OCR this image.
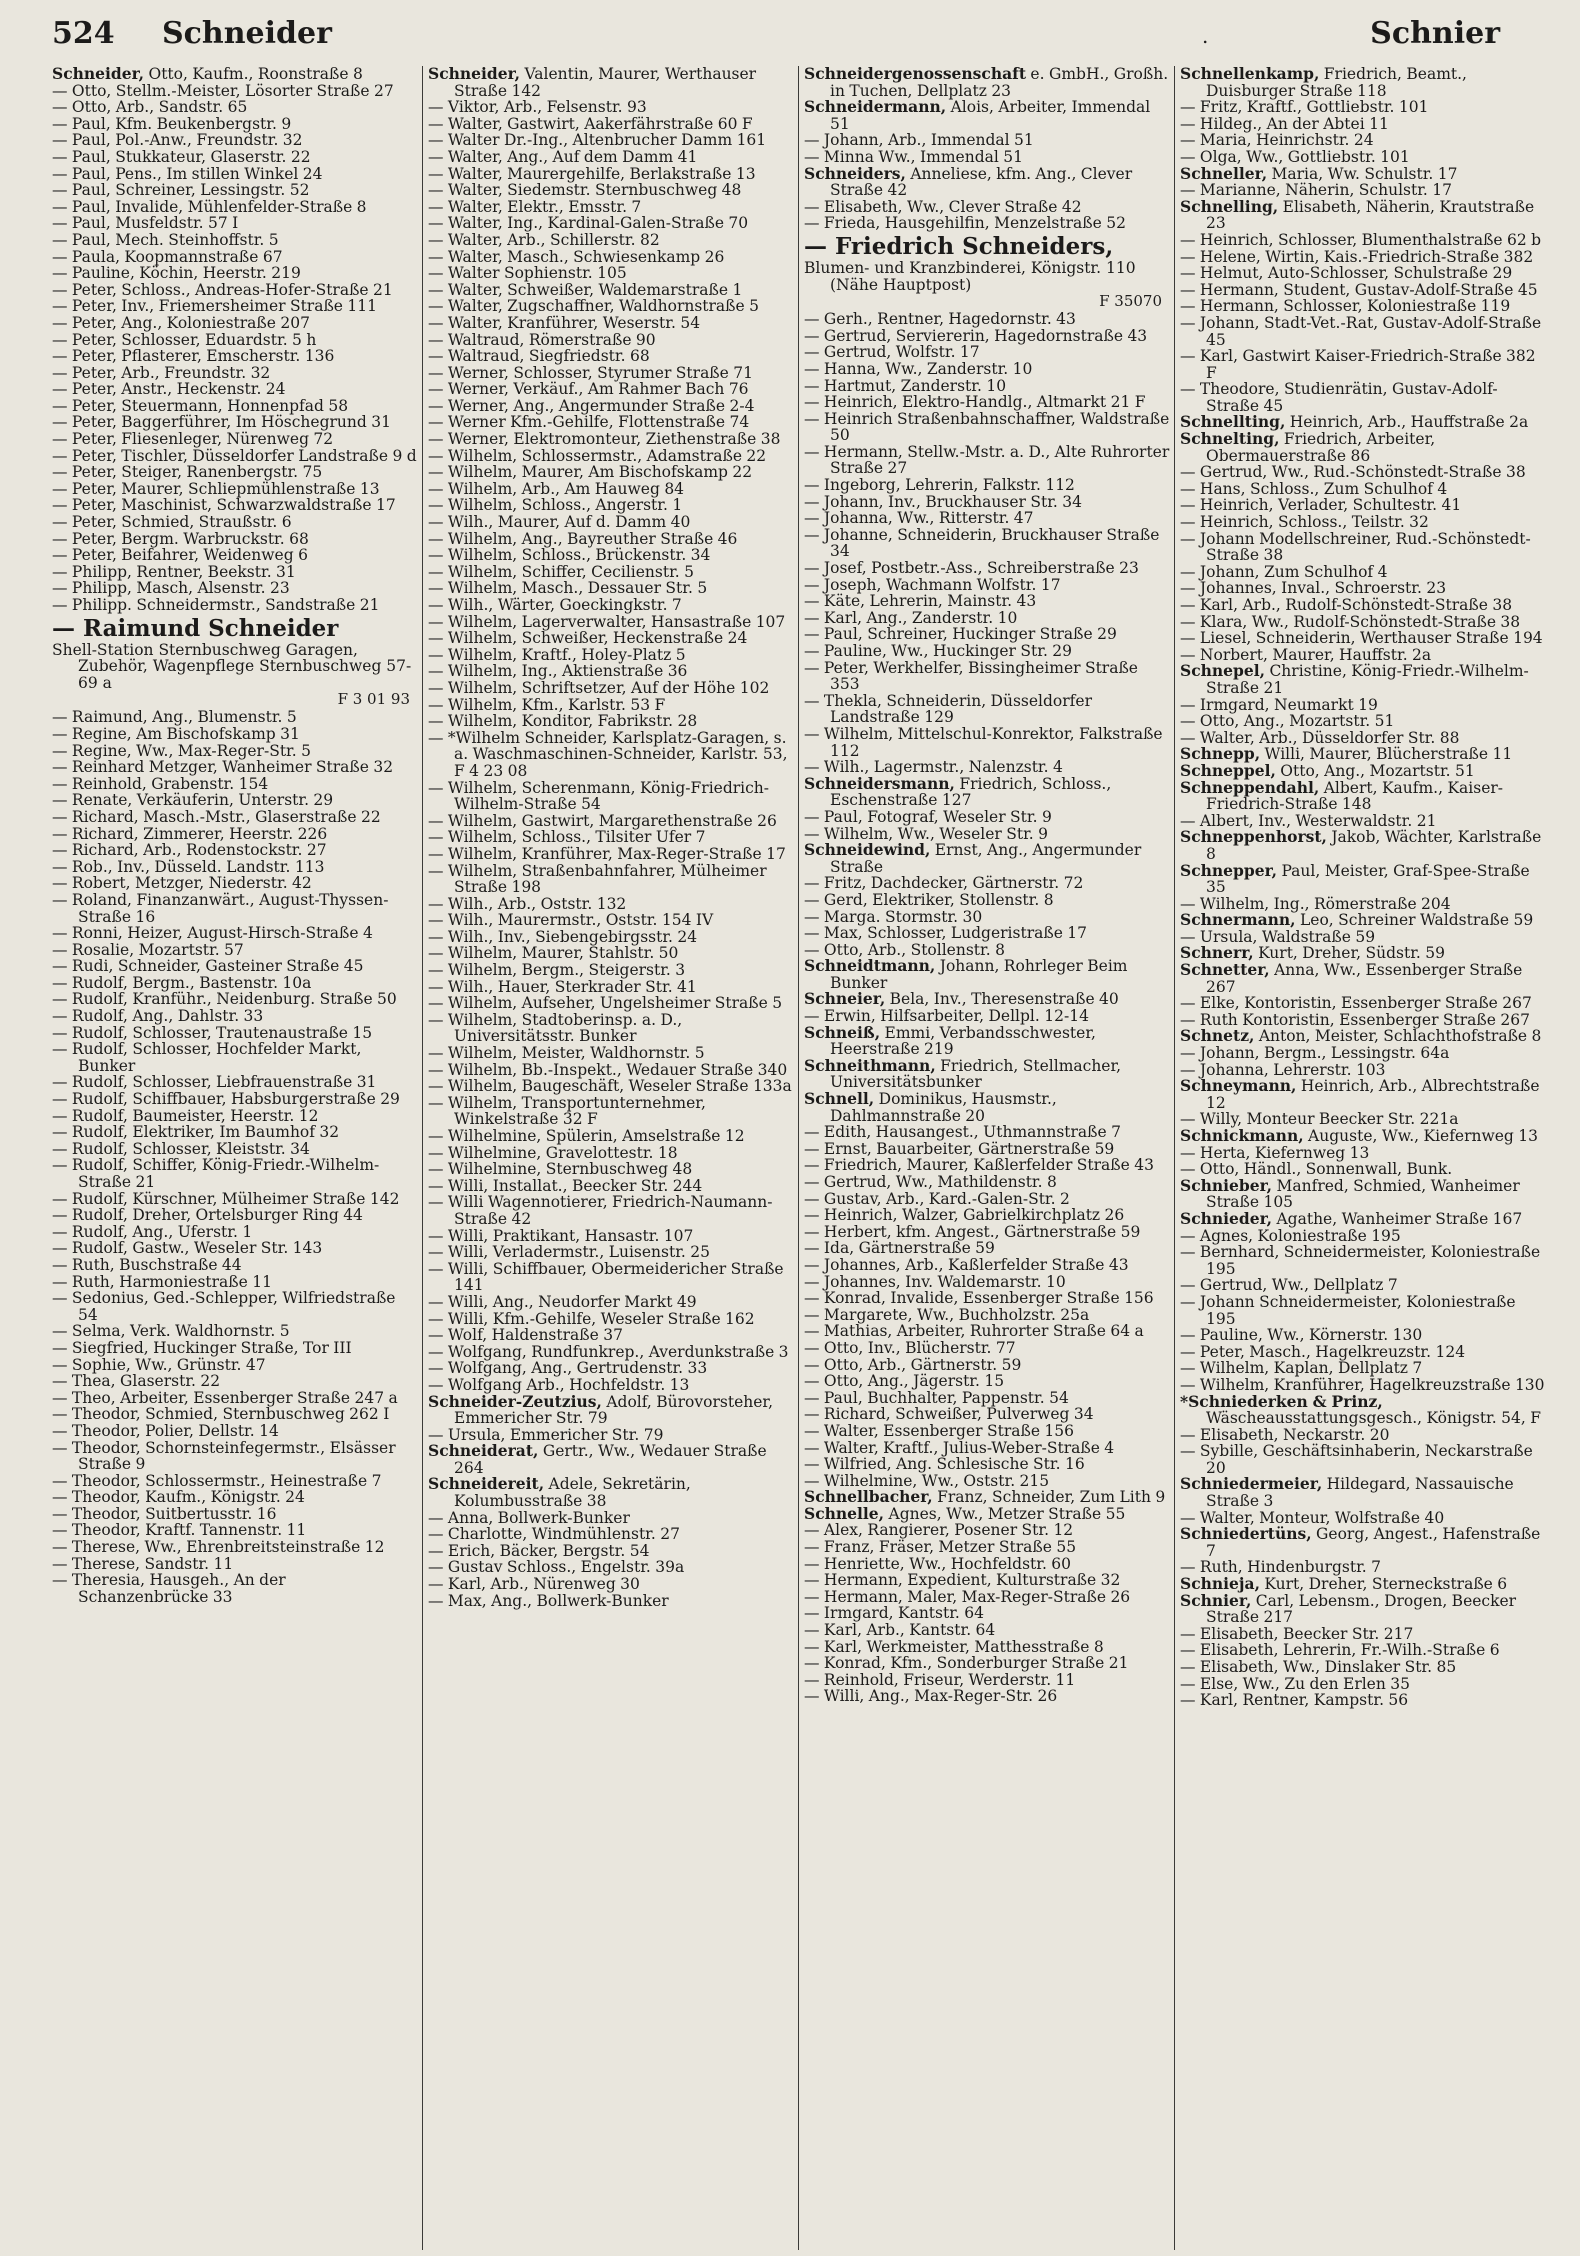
524 Schneider	.	Schnier

Schneider, Otto, Kaufm., Roonstraße 8

— Otto, Stellm.-Meister, Lösorter Straße 27

— Otto, Arb., Sandstr. 65

— Paul, Kfm. Beukenbergstr. 9

— Paul, Pol.-Anw., Freundstr. 32

— Paul, Stukkateur, Glaserstr. 22

— Paul, Pens., Im stillen Winkel 24

— Paul, Schreiner, Lessingstr. 52

— Paul, Invalide, Mühlenfelder-Straße 8

— Paul, Musfeldstr. 57 I

— Paul, Mech. Steinhoffstr. 5

— Paula, Koopmannstraße 67

— Pauline, Köchin, Heerstr. 219

— Peter, Schloss., Andreas-Hofer-Straße 21

— Peter, Inv., Friemersheimer Straße 111

— Peter, Ang., Koloniestraße 207

— Peter, Schlosser, Eduardstr. 5 h

— Peter, Pflasterer, Emscherstr. 136

— Peter, Arb., Freundstr. 32

— Peter, Anstr., Heckenstr. 24

— Peter, Steuermann, Honnenpfad 58

— Peter, Baggerführer, Im Höschegrund 31

— Peter, Fliesenleger, Nürenweg 72

— Peter, Tischler, Düsseldorfer Landstraße 9 d

— Peter, Steiger, Ranenbergstr. 75

— Peter, Maurer, Schliepmühlenstraße 13

— Peter, Maschinist, Schwarzwaldstraße 17

— Peter, Schmied, Straußstr. 6

— Peter, Bergm. Warbruckstr. 68

— Peter, Beifahrer, Weidenweg 6

— Philipp, Rentner, Beekstr. 31

— Philipp, Masch, Alsenstr. 23

— Philipp. Schneidermstr., Sandstraße 21

— Raimund Schneider
Shell-Station Sternbuschweg Garagen, Zubehör, Wagenpflege Sternbuschweg 57-69 a
F 3 01 93

— Raimund, Ang., Blumenstr. 5

— Regine, Am Bischofskamp 31

— Regine, Ww., Max-Reger-Str. 5

— Reinhard Metzger, Wanheimer Straße 32

— Reinhold, Grabenstr. 154

— Renate, Verkäuferin, Unterstr. 29

— Richard, Masch.-Mstr., Glaserstraße 22

— Richard, Zimmerer, Heerstr. 226

— Richard, Arb., Rodenstockstr. 27

— Rob., Inv., Düsseld. Landstr. 113

— Robert, Metzger, Niederstr. 42

— Roland, Finanzanwärt., August-Thyssen-Straße 16

— Ronni, Heizer, August-Hirsch-Straße 4

— Rosalie, Mozartstr. 57

— Rudi, Schneider, Gasteiner Straße 45

— Rudolf, Bergm., Bastenstr. 10a

— Rudolf, Kranführ., Neidenburg. Straße 50

— Rudolf, Ang., Dahlstr. 33

— Rudolf, Schlosser, Trautenaustraße 15

— Rudolf, Schlosser, Hochfelder Markt, Bunker

— Rudolf, Schlosser, Liebfrauenstraße 31

— Rudolf, Schiffbauer, Habsburgerstraße 29

— Rudolf, Baumeister, Heerstr. 12

— Rudolf, Elektriker, Im Baumhof 32

— Rudolf, Schlosser, Kleiststr. 34

— Rudolf, Schiffer, König-Friedr.-Wilhelm-Straße 21

— Rudolf, Kürschner, Mülheimer Straße 142

— Rudolf, Dreher, Ortelsburger Ring 44

— Rudolf, Ang., Uferstr. 1

— Rudolf, Gastw., Weseler Str. 143

— Ruth, Buschstraße 44

— Ruth, Harmoniestraße 11

— Sedonius, Ged.-Schlepper, Wilfriedstraße 54

— Selma, Verk. Waldhornstr. 5

— Siegfried, Huckinger Straße, Tor III

— Sophie, Ww., Grünstr. 47

— Thea, Glaserstr. 22

— Theo, Arbeiter, Essenberger Straße 247 a

— Theodor, Schmied, Sternbuschweg 262 I

— Theodor, Polier, Dellstr. 14

— Theodor, Schornsteinfegermstr., Elsässer Straße 9

— Theodor, Schlossermstr., Heinestraße 7

— Theodor, Kaufm., Königstr. 24

— Theodor, Suitbertusstr. 16

— Theodor, Kraftf. Tannenstr. 11

— Therese, Ww., Ehrenbreitsteinstraße 12

— Therese, Sandstr. 11

— Theresia, Hausgeh., An der Schanzenbrücke 33

Schneider, Valentin, Maurer, Werthauser Straße 142

— Viktor, Arb., Felsenstr. 93

— Walter, Gastwirt, Aakerfährstraße 60 F

— Walter Dr.-Ing., Altenbrucher Damm 161

— Walter, Ang., Auf dem Damm 41

— Walter, Maurergehilfe, Berlakstraße 13

— Walter, Siedemstr. Sternbuschweg 48

— Walter, Elektr., Emsstr. 7

— Walter, Ing., Kardinal-Galen-Straße 70

— Walter, Arb., Schillerstr. 82

— Walter, Masch., Schwiesenkamp 26

— Walter Sophienstr. 105

— Walter, Schweißer, Waldemarstraße 1

— Walter, Zugschaffner, Waldhornstraße 5

— Walter, Kranführer, Weserstr. 54

— Waltraud, Römerstraße 90

— Waltraud, Siegfriedstr. 68

— Werner, Schlosser, Styrumer Straße 71

— Werner, Verkäuf., Am Rahmer Bach 76

— Werner, Ang., Angermunder Straße 2-4

— Werner Kfm.-Gehilfe, Flottenstraße 74

— Werner, Elektromonteur, Ziethenstraße 38

— Wilhelm, Schlossermstr., Adamstraße 22

— Wilhelm, Maurer, Am Bischofskamp 22

— Wilhelm, Arb., Am Hauweg 84

— Wilhelm, Schloss., Angerstr. 1

— Wilh., Maurer, Auf d. Damm 40

— Wilhelm, Ang., Bayreuther Straße 46

— Wilhelm, Schloss., Brückenstr. 34

— Wilhelm, Schiffer, Cecilienstr. 5

— Wilhelm, Masch., Dessauer Str. 5

— Wilh., Wärter, Goeckingkstr. 7

— Wilhelm, Lagerverwalter, Hansastraße 107

— Wilhelm, Schweißer, Heckenstraße 24

— Wilhelm, Kraftf., Holey-Platz 5

— Wilhelm, Ing., Aktienstraße 36

— Wilhelm, Schriftsetzer, Auf der Höhe 102

— Wilhelm, Kfm., Karlstr. 53 F

— Wilhelm, Konditor, Fabrikstr. 28

— *Wilhelm Schneider, Karlsplatz-Garagen, s. a. Waschmaschinen-Schneider, Karlstr. 53, F 4 23 08

— Wilhelm, Scherenmann, König-Friedrich-Wilhelm-Straße 54

— Wilhelm, Gastwirt, Margarethenstraße 26

— Wilhelm, Schloss., Tilsiter Ufer 7

— Wilhelm, Kranführer, Max-Reger-Straße 17

— Wilhelm, Straßenbahnfahrer, Mülheimer Straße 198

— Wilh., Arb., Oststr. 132

— Wilh., Maurermstr., Oststr. 154 IV

— Wilh., Inv., Siebengebirgsstr. 24

— Wilhelm, Maurer, Stahlstr. 50

— Wilhelm, Bergm., Steigerstr. 3

— Wilh., Hauer, Sterkrader Str. 41

— Wilhelm, Aufseher, Ungelsheimer Straße 5

— Wilhelm, Stadtoberinsp. a. D., Universitätsstr. Bunker

— Wilhelm, Meister, Waldhornstr. 5

— Wilhelm, Bb.-Inspekt., Wedauer Straße 340

— Wilhelm, Baugeschäft, Weseler Straße 133a

— Wilhelm, Transportunternehmer, Winkelstraße 32 F

— Wilhelmine, Spülerin, Amselstraße 12

— Wilhelmine, Gravelottestr. 18

— Wilhelmine, Sternbuschweg 48

— Willi, Installat., Beecker Str. 244

— Willi Wagennotierer, Friedrich-Naumann-Straße 42

— Willi, Praktikant, Hansastr. 107

— Willi, Verladermstr., Luisenstr. 25

— Willi, Schiffbauer, Obermeidericher Straße 141

— Willi, Ang., Neudorfer Markt 49

— Willi, Kfm.-Gehilfe, Weseler Straße 162

— Wolf, Haldenstraße 37

— Wolfgang, Rundfunkrep., Averdunkstraße 3

— Wolfgang, Ang., Gertrudenstr. 33

— Wolfgang Arb., Hochfeldstr. 13

Schneider-Zeutzius, Adolf, Bürovorsteher, Emmericher Str. 79

— Ursula, Emmericher Str. 79

Schneiderat, Gertr., Ww., Wedauer Straße 264

Schneidereit, Adele, Sekretärin, Kolumbusstraße 38

— Anna, Bollwerk-Bunker

— Charlotte, Windmühlenstr. 27

— Erich, Bäcker, Bergstr. 54

— Gustav Schloss., Engelstr. 39a

— Karl, Arb., Nürenweg 30

— Max, Ang., Bollwerk-Bunker

Schneidergenossenschaft e. GmbH., Großh. in Tuchen, Dellplatz 23

Schneidermann, Alois, Arbeiter, Immendal 51

— Johann, Arb., Immendal 51

— Minna Ww., Immendal 51

Schneiders, Anneliese, kfm. Ang., Clever Straße 42

— Elisabeth, Ww., Clever Straße 42

— Frieda, Hausgehilfin, Menzelstraße 52

— Friedrich Schneiders,
Blumen- und Kranzbinderei, Königstr. 110 (Nähe Hauptpost)
F 35070

— Gerh., Rentner, Hagedornstr. 43

— Gertrud, Serviererin, Hagedornstraße 43

— Gertrud, Wolfstr. 17

— Hanna, Ww., Zanderstr. 10

— Hartmut, Zanderstr. 10

— Heinrich, Elektro-Handlg., Altmarkt 21 F

— Heinrich Straßenbahnschaffner, Waldstraße 50

— Hermann, Stellw.-Mstr. a. D., Alte Ruhrorter Straße 27

— Ingeborg, Lehrerin, Falkstr. 112

— Johann, Inv., Bruckhauser Str. 34

— Johanna, Ww., Ritterstr. 47

— Johanne, Schneiderin, Bruckhauser Straße 34

— Josef, Postbetr.-Ass., Schreiberstraße 23

— Joseph, Wachmann Wolfstr. 17

— Käte, Lehrerin, Mainstr. 43

— Karl, Ang., Zanderstr. 10

— Paul, Schreiner, Huckinger Straße 29

— Pauline, Ww., Huckinger Str. 29

— Peter, Werkhelfer, Bissingheimer Straße 353

— Thekla, Schneiderin, Düsseldorfer Landstraße 129

— Wilhelm, Mittelschul-Konrektor, Falkstraße 112

— Wilh., Lagermstr., Nalenzstr. 4

Schneidersmann, Friedrich, Schloss., Eschenstraße 127

— Paul, Fotograf, Weseler Str. 9

— Wilhelm, Ww., Weseler Str. 9

Schneidewind, Ernst, Ang., Angermunder Straße

— Fritz, Dachdecker, Gärtnerstr. 72

— Gerd, Elektriker, Stollenstr. 8

— Marga. Stormstr. 30

— Max, Schlosser, Ludgeristraße 17

— Otto, Arb., Stollenstr. 8

Schneidtmann, Johann, Rohrleger Beim Bunker

Schneier, Bela, Inv., Theresenstraße 40

— Erwin, Hilfsarbeiter, Dellpl. 12-14

Schneiß, Emmi, Verbandsschwester, Heerstraße 219

Schneithmann, Friedrich, Stellmacher, Universitätsbunker

Schnell, Dominikus, Hausmstr., Dahlmannstraße 20

— Edith, Hausangest., Uthmannstraße 7

— Ernst, Bauarbeiter, Gärtnerstraße 59

— Friedrich, Maurer, Kaßlerfelder Straße 43

— Gertrud, Ww., Mathildenstr. 8

— Gustav, Arb., Kard.-Galen-Str. 2

— Heinrich, Walzer, Gabrielkirchplatz 26

— Herbert, kfm. Angest., Gärtnerstraße 59

— Ida, Gärtnerstraße 59

— Johannes, Arb., Kaßlerfelder Straße 43

— Johannes, Inv. Waldemarstr. 10

— Konrad, Invalide, Essenberger Straße 156

— Margarete, Ww., Buchholzstr. 25a

— Mathias, Arbeiter, Ruhrorter Straße 64 a

— Otto, Inv., Blücherstr. 77

— Otto, Arb., Gärtnerstr. 59

— Otto, Ang., Jägerstr. 15

— Paul, Buchhalter, Pappenstr. 54

— Richard, Schweißer, Pulverweg 34

— Walter, Essenberger Straße 156

— Walter, Kraftf., Julius-Weber-Straße 4

— Wilfried, Ang. Schlesische Str. 16

— Wilhelmine, Ww., Oststr. 215

Schnellbacher, Franz, Schneider, Zum Lith 9

Schnelle, Agnes, Ww., Metzer Straße 55

— Alex, Rangierer, Posener Str. 12

— Franz, Fräser, Metzer Straße 55

— Henriette, Ww., Hochfeldstr. 60

— Hermann, Expedient, Kulturstraße 32

— Hermann, Maler, Max-Reger-Straße 26

— Irmgard, Kantstr. 64

— Karl, Arb., Kantstr. 64

— Karl, Werkmeister, Matthesstraße 8

— Konrad, Kfm., Sonderburger Straße 21

— Reinhold, Friseur, Werderstr. 11

— Willi, Ang., Max-Reger-Str. 26

Schnellenkamp, Friedrich, Beamt., Duisburger Straße 118

— Fritz, Kraftf., Gottliebstr. 101

— Hildeg., An der Abtei 11

— Maria, Heinrichstr. 24

— Olga, Ww., Gottliebstr. 101

Schneller, Maria, Ww. Schulstr. 17

— Marianne, Näherin, Schulstr. 17

Schnelling, Elisabeth, Näherin, Krautstraße 23

— Heinrich, Schlosser, Blumenthalstraße 62 b

— Helene, Wirtin, Kais.-Friedrich-Straße 382

— Helmut, Auto-Schlosser, Schulstraße 29

— Hermann, Student, Gustav-Adolf-Straße 45

— Hermann, Schlosser, Koloniestraße 119

— Johann, Stadt-Vet.-Rat, Gustav-Adolf-Straße 45

— Karl, Gastwirt Kaiser-Friedrich-Straße 382 F

— Theodore, Studienrätin, Gustav-Adolf-Straße 45

Schnellting, Heinrich, Arb., Hauffstraße 2a

Schnelting, Friedrich, Arbeiter, Obermauerstraße 86

— Gertrud, Ww., Rud.-Schönstedt-Straße 38

— Hans, Schloss., Zum Schulhof 4

— Heinrich, Verlader, Schultestr. 41

— Heinrich, Schloss., Teilstr. 32

— Johann Modellschreiner, Rud.-Schönstedt-Straße 38

— Johann, Zum Schulhof 4

— Johannes, Inval., Schroerstr. 23

— Karl, Arb., Rudolf-Schönstedt-Straße 38

— Klara, Ww., Rudolf-Schönstedt-Straße 38

— Liesel, Schneiderin, Werthauser Straße 194

— Norbert, Maurer, Hauffstr. 2a

Schnepel, Christine, König-Friedr.-Wilhelm-Straße 21

— Irmgard, Neumarkt 19

— Otto, Ang., Mozartstr. 51

— Walter, Arb., Düsseldorfer Str. 88

Schnepp, Willi, Maurer, Blücherstraße 11

Schneppel, Otto, Ang., Mozartstr. 51

Schneppendahl, Albert, Kaufm., Kaiser-Friedrich-Straße 148

— Albert, Inv., Westerwaldstr. 21

Schneppenhorst, Jakob, Wächter, Karlstraße 8

Schnepper, Paul, Meister, Graf-Spee-Straße 35

— Wilhelm, Ing., Römerstraße 204

Schnermann, Leo, Schreiner Waldstraße 59

— Ursula, Waldstraße 59

Schnerr, Kurt, Dreher, Südstr. 59

Schnetter, Anna, Ww., Essenberger Straße 267

— Elke, Kontoristin, Essenberger Straße 267

— Ruth Kontoristin, Essenberger Straße 267

Schnetz, Anton, Meister, Schlachthofstraße 8

— Johann, Bergm., Lessingstr. 64a

— Johanna, Lehrerstr. 103

Schneymann, Heinrich, Arb., Albrechtstraße 12

— Willy, Monteur Beecker Str. 221a

Schnickmann, Auguste, Ww., Kiefernweg 13

— Herta, Kiefernweg 13

— Otto, Händl., Sonnenwall, Bunk.

Schnieber, Manfred, Schmied, Wanheimer Straße 105

Schnieder, Agathe, Wanheimer Straße 167

— Agnes, Koloniestraße 195

— Bernhard, Schneidermeister, Koloniestraße 195

— Gertrud, Ww., Dellplatz 7

— Johann Schneidermeister, Koloniestraße 195

— Pauline, Ww., Körnerstr. 130

— Peter, Masch., Hagelkreuzstr. 124

— Wilhelm, Kaplan, Dellplatz 7

— Wilhelm, Kranführer, Hagelkreuzstraße 130

*Schniederken & Prinz, Wäscheausstattungsgesch., Königstr. 54, F

— Elisabeth, Neckarstr. 20

— Sybille, Geschäftsinhaberin, Neckarstraße 20

Schniedermeier, Hildegard, Nassauische Straße 3

— Walter, Monteur, Wolfstraße 40

Schniedertüns, Georg, Angest., Hafenstraße 7

— Ruth, Hindenburgstr. 7

Schnieja, Kurt, Dreher, Sterneckstraße 6

Schnier, Carl, Lebensm., Drogen, Beecker Straße 217

— Elisabeth, Beecker Str. 217

— Elisabeth, Lehrerin, Fr.-Wilh.-Straße 6

— Elisabeth, Ww., Dinslaker Str. 85

— Else, Ww., Zu den Erlen 35

— Karl, Rentner, Kampstr. 56
